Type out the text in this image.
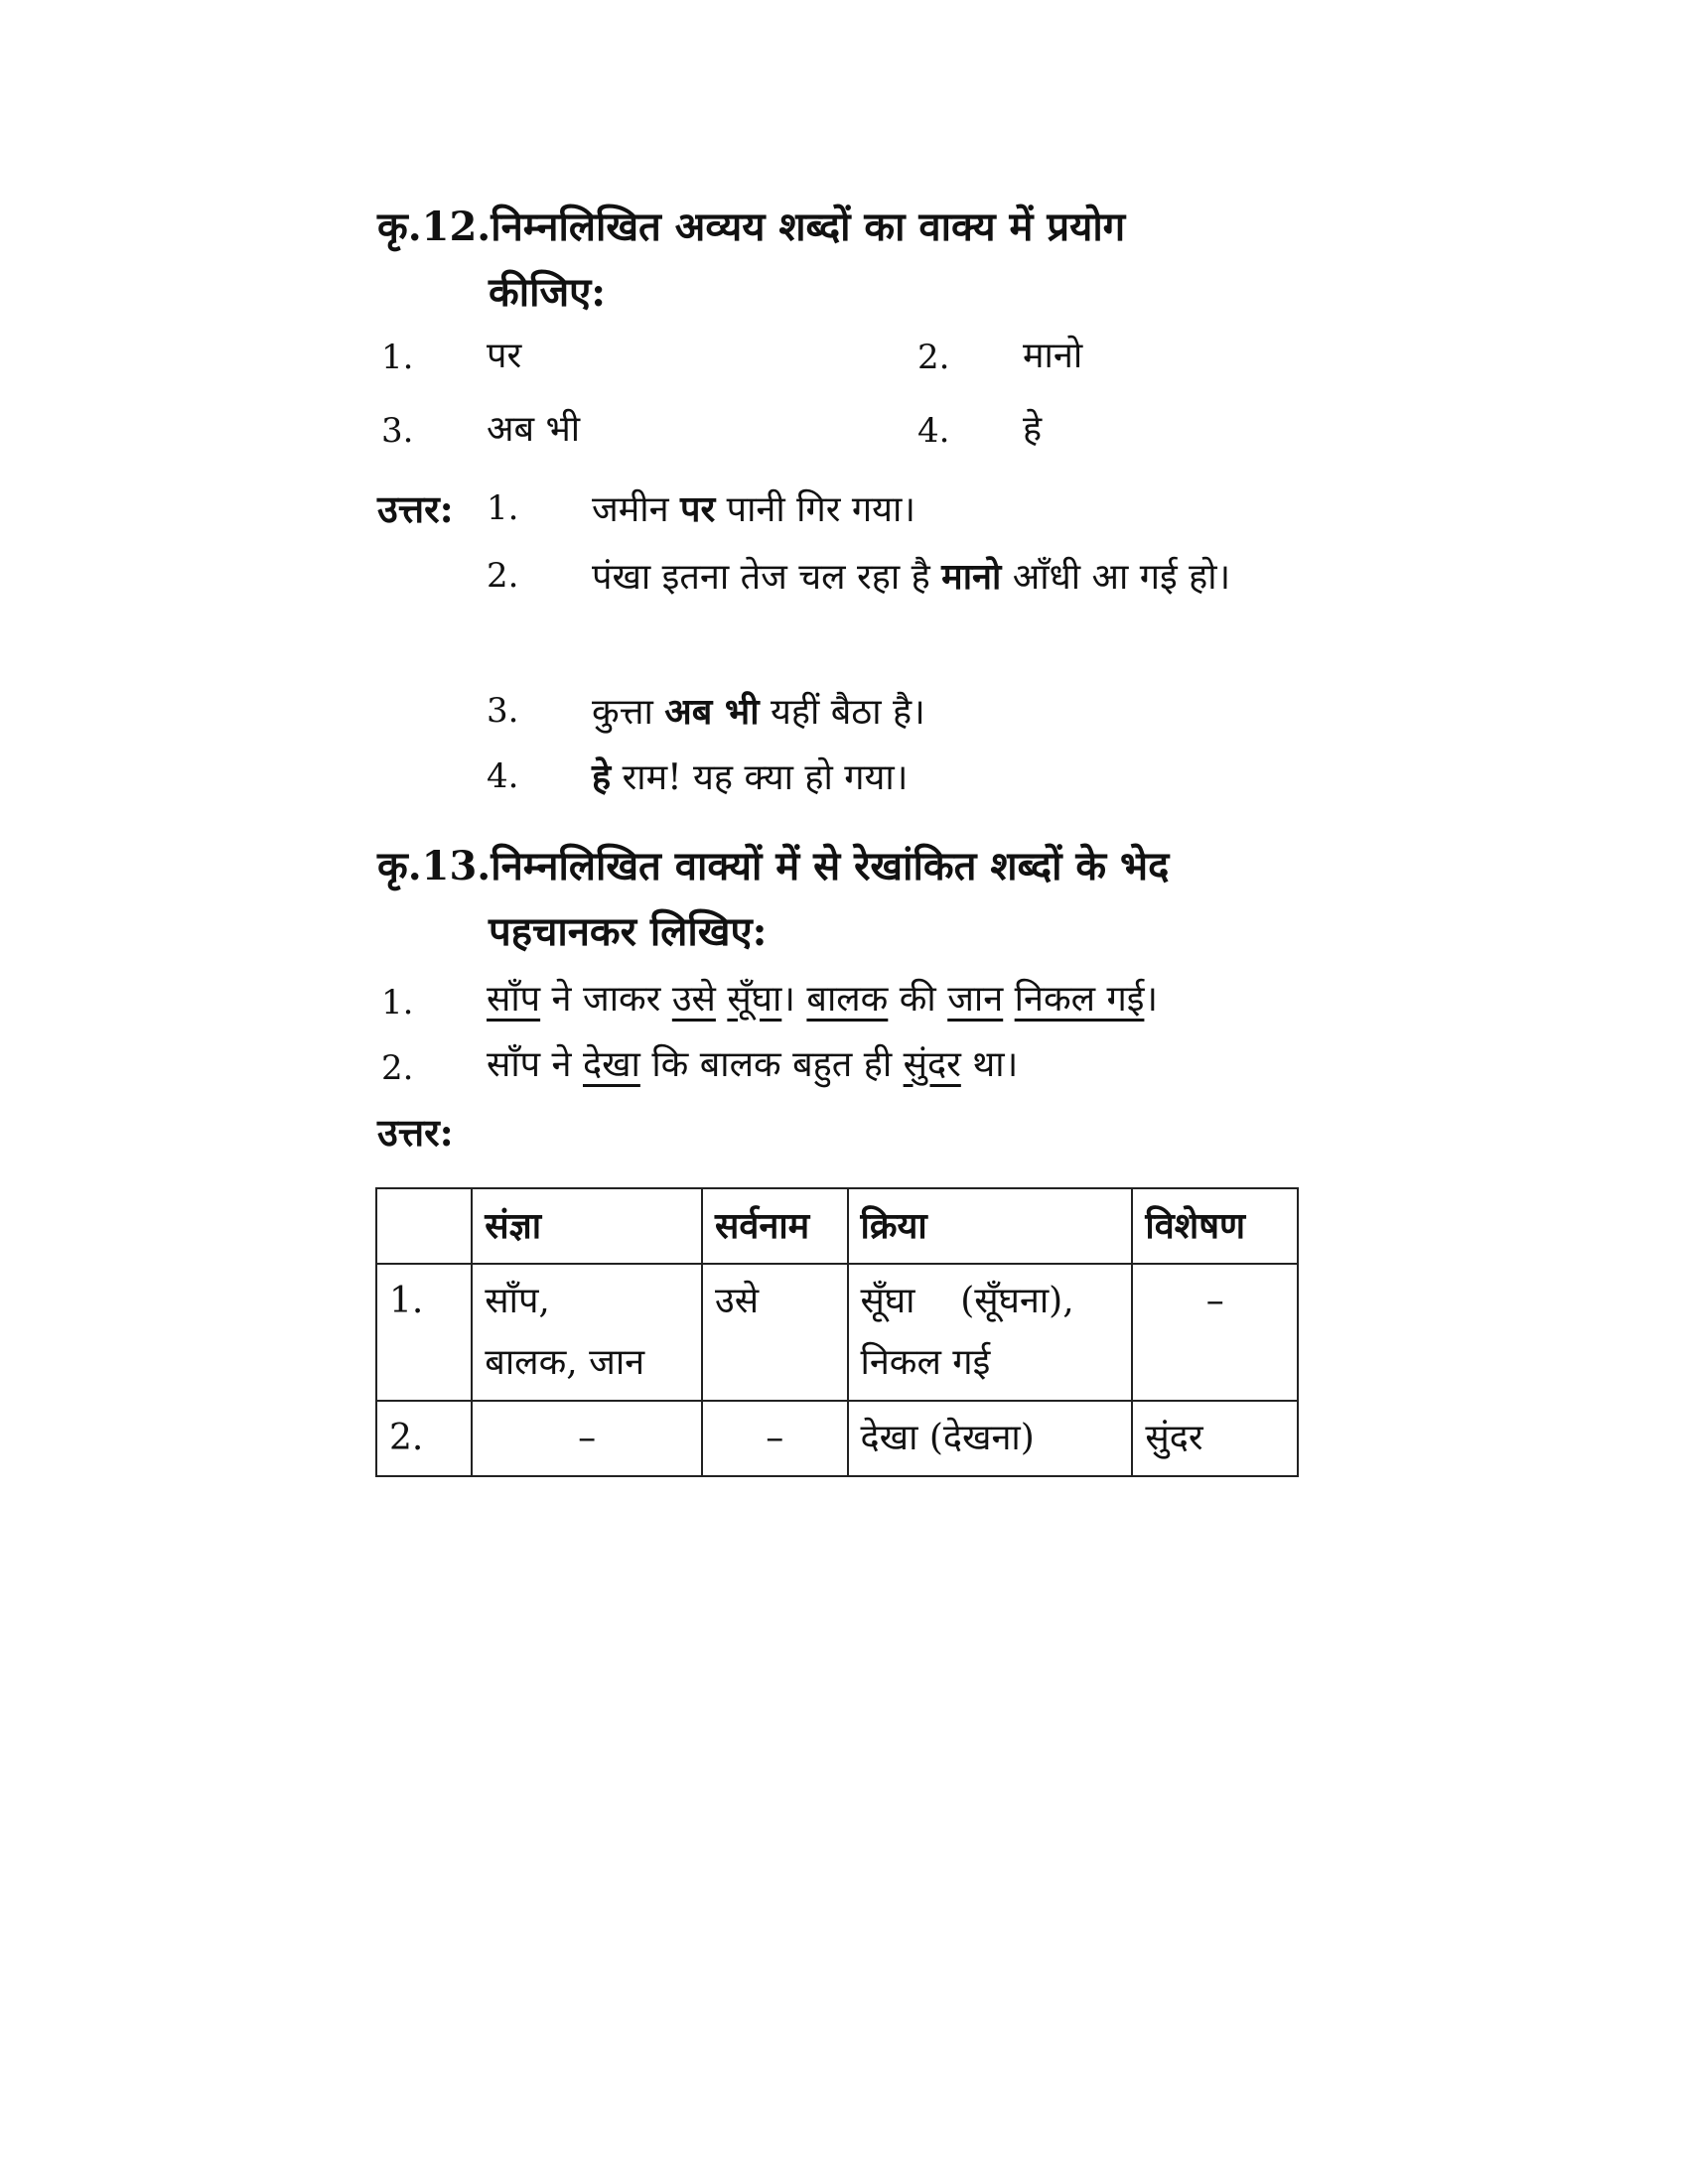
कृ.12.निम्नलिखित अव्यय शब्दों का वाक्य में प्रयोग
कीजिए:
1. पर	2. मानो
3. अब भी	4. हे
उत्तर: 1. जमीन पर पानी गिर गया।
2. पंखा इतना तेज चल रहा है मानो आँधी आ गई हो।
3. कुत्ता अब भी यहीं बैठा है।
4. हे राम! यह क्या हो गया।
कृ.13.निम्नलिखित वाक्यों में से रेखांकित शब्दों के भेद
पहचानकर लिखिए:
1. साँप ने जाकर उसे सूँघा। बालक की जान निकल गई।
2. साँप ने देखा कि बालक बहुत ही सुंदर था।
उत्तर:
	संज्ञा	सर्वनाम	क्रिया	विशेषण
1.	साँप,
बालक, जान	उसे	सूँघा    (सूँघना),
निकल गई	–
2.	–	–	देखा (देखना)	सुंदर
